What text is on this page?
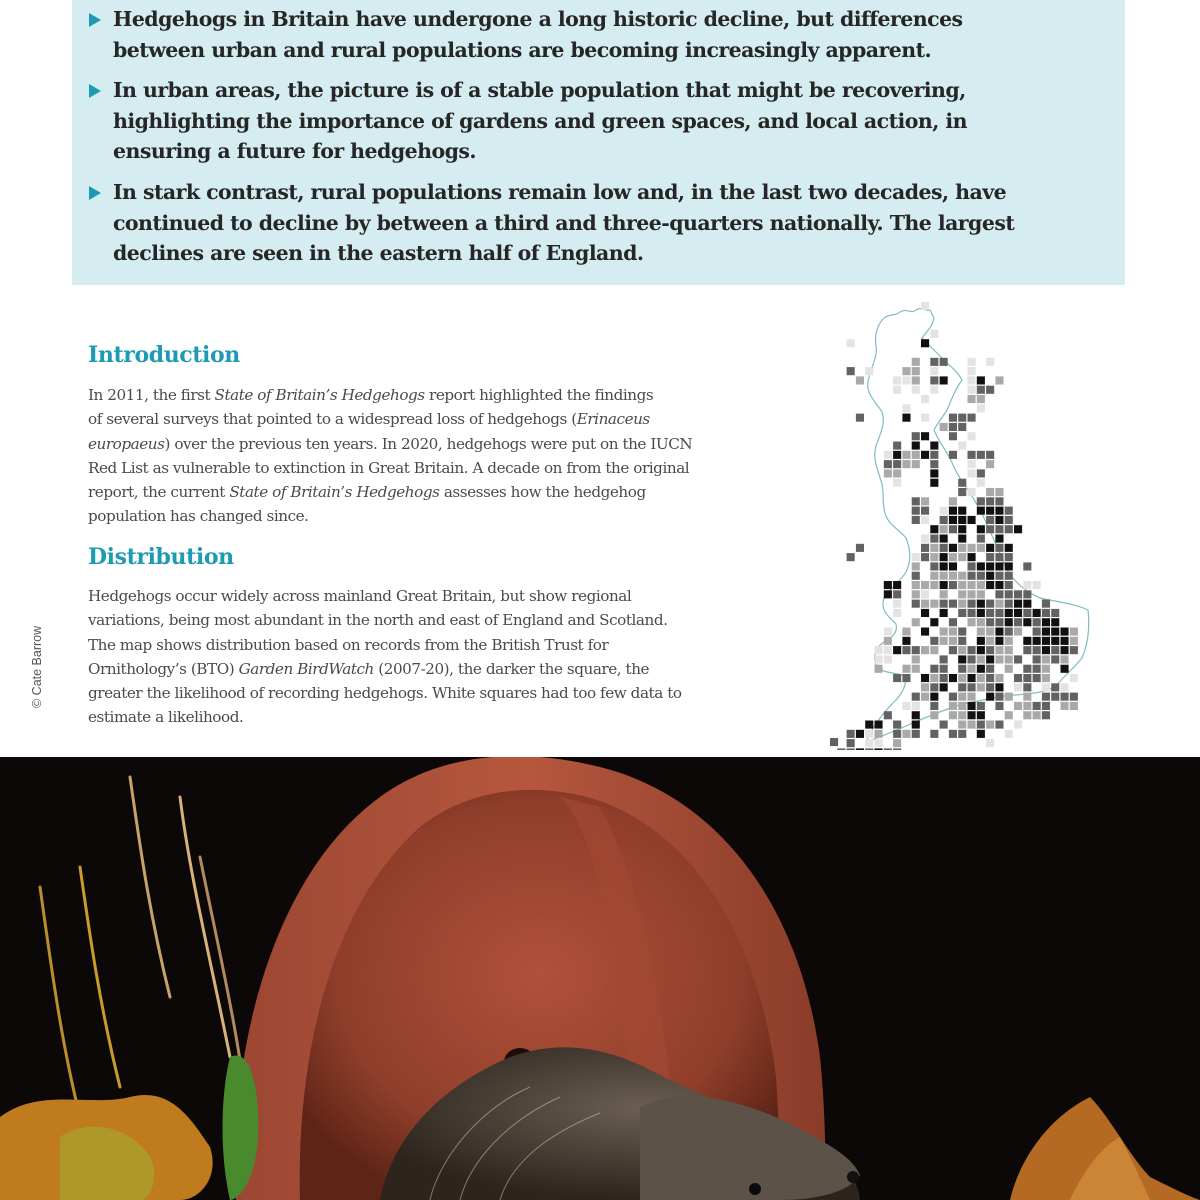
Hedgehogs in Britain have undergone a long historic decline, but differences
between urban and rural populations are becoming increasingly apparent.
In urban areas, the picture is of a stable population that might be recovering,
highlighting the importance of gardens and green spaces, and local action, in
ensuring a future for hedgehogs.
In stark contrast, rural populations remain low and, in the last two decades, have
continued to decline by between a third and three-quarters nationally. The largest
declines are seen in the eastern half of England.
Introduction
In 2011, the first State of Britain’s Hedgehogs report highlighted the findings
of several surveys that pointed to a widespread loss of hedgehogs (Erinaceus
europaeus) over the previous ten years. In 2020, hedgehogs were put on the IUCN
Red List as vulnerable to extinction in Great Britain. A decade on from the original
report, the current State of Britain’s Hedgehogs assesses how the hedgehog
population has changed since.
Distribution
Hedgehogs occur widely across mainland Great Britain, but show regional
variations, being most abundant in the north and east of England and Scotland.
The map shows distribution based on records from the British Trust for
Ornithology’s (BTO) Garden BirdWatch (2007-20), the darker the square, the
greater the likelihood of recording hedgehogs. White squares had too few data to
estimate a likelihood.
© Cate Barrow
